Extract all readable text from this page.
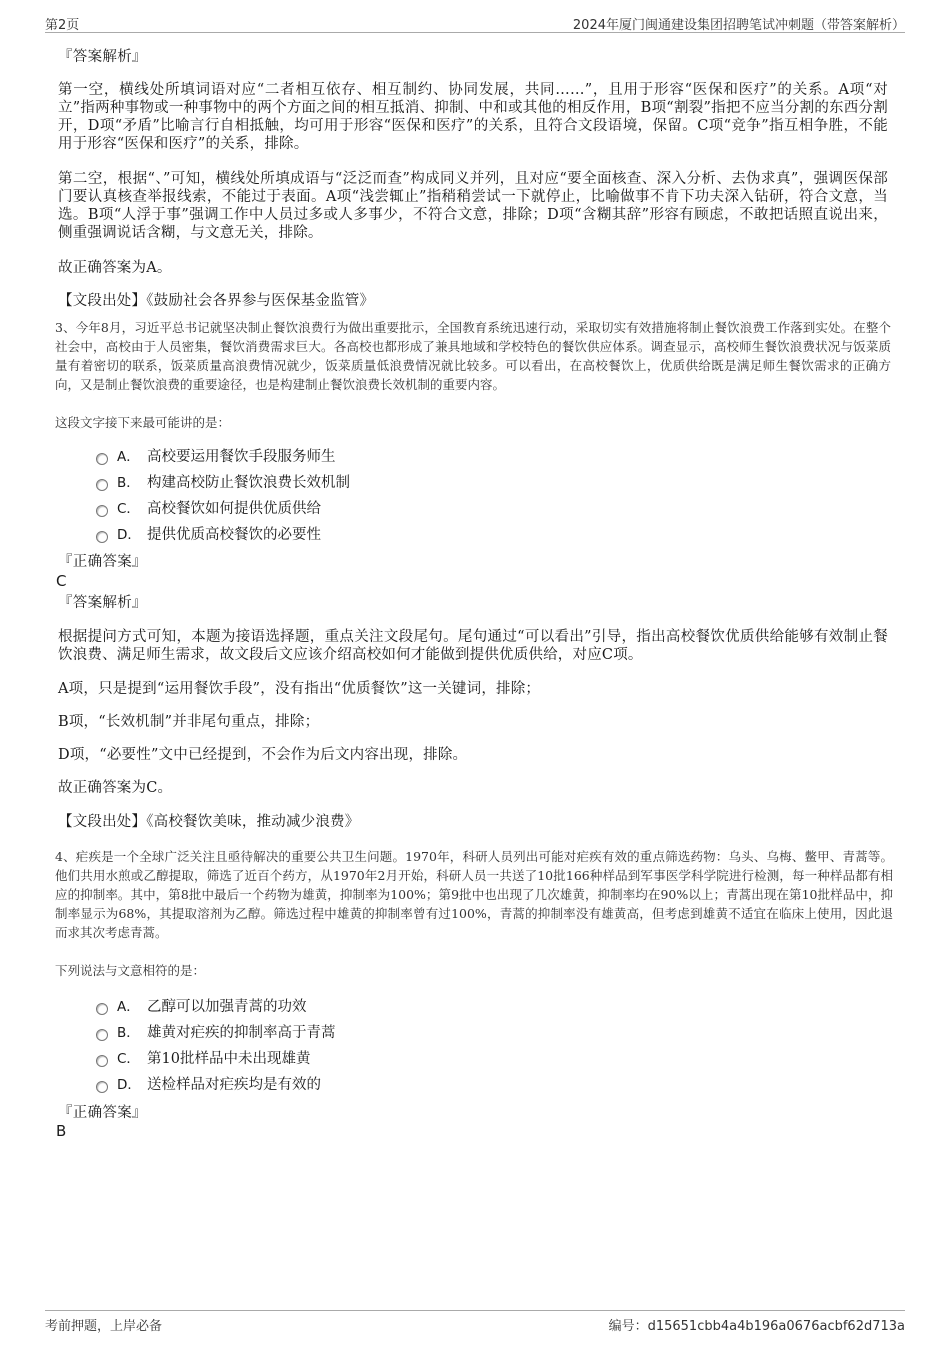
第2页	2024年厦门闽通建设集团招聘笔试冲刺题（带答案解析）
『答案解析』
第一空，横线处所填词语对应“二者相互依存、相互制约、协同发展，共同……”，且用于形容“医保和医疗”的关系。A项“对立”指两种事物或一种事物中的两个方面之间的相互抵消、抑制、中和或其他的相反作用，B项“割裂”指把不应当分割的东西分割开，D项“矛盾”比喻言行自相抵触，均可用于形容“医保和医疗”的关系，且符合文段语境，保留。C项“竞争”指互相争胜，不能用于形容“医保和医疗”的关系，排除。
第二空，根据“、”可知，横线处所填成语与“泛泛而查”构成同义并列，且对应“要全面核查、深入分析、去伪求真”，强调医保部门要认真核查举报线索，不能过于表面。A项“浅尝辄止”指稍稍尝试一下就停止，比喻做事不肯下功夫深入钻研，符合文意，当选。B项“人浮于事”强调工作中人员过多或人多事少，不符合文意，排除；D项“含糊其辞”形容有顾虑，不敢把话照直说出来，侧重强调说话含糊，与文意无关，排除。
故正确答案为A。
【文段出处】《鼓励社会各界参与医保基金监管》
3、今年8月，习近平总书记就坚决制止餐饮浪费行为做出重要批示，全国教育系统迅速行动，采取切实有效措施将制止餐饮浪费工作落到实处。在整个社会中，高校由于人员密集，餐饮消费需求巨大。各高校也都形成了兼具地域和学校特色的餐饮供应体系。调查显示，高校师生餐饮浪费状况与饭菜质量有着密切的联系，饭菜质量高浪费情况就少，饭菜质量低浪费情况就比较多。可以看出，在高校餐饮上，优质供给既是满足师生餐饮需求的正确方向，又是制止餐饮浪费的重要途径，也是构建制止餐饮浪费长效机制的重要内容。
这段文字接下来最可能讲的是：
A． 高校要运用餐饮手段服务师生
B． 构建高校防止餐饮浪费长效机制
C． 高校餐饮如何提供优质供给
D． 提供优质高校餐饮的必要性
『正确答案』
C
『答案解析』
根据提问方式可知，本题为接语选择题，重点关注文段尾句。尾句通过“可以看出”引导，指出高校餐饮优质供给能够有效制止餐饮浪费、满足师生需求，故文段后文应该介绍高校如何才能做到提供优质供给，对应C项。
A项，只是提到“运用餐饮手段”，没有指出“优质餐饮”这一关键词，排除；
B项，“长效机制”并非尾句重点，排除；
D项，“必要性”文中已经提到，不会作为后文内容出现，排除。
故正确答案为C。
【文段出处】《高校餐饮美味，推动减少浪费》
4、疟疾是一个全球广泛关注且亟待解决的重要公共卫生问题。1970年，科研人员列出可能对疟疾有效的重点筛选药物：乌头、乌梅、鳖甲、青蒿等。他们共用水煎或乙醇提取，筛选了近百个药方，从1970年2月开始，科研人员一共送了10批166种样品到军事医学科学院进行检测，每一种样品都有相应的抑制率。其中，第8批中最后一个药物为雄黄，抑制率为100%；第9批中也出现了几次雄黄，抑制率均在90%以上；青蒿出现在第10批样品中，抑制率显示为68%，其提取溶剂为乙醇。筛选过程中雄黄的抑制率曾有过100%，青蒿的抑制率没有雄黄高，但考虑到雄黄不适宜在临床上使用，因此退而求其次考虑青蒿。
下列说法与文意相符的是：
A． 乙醇可以加强青蒿的功效
B． 雄黄对疟疾的抑制率高于青蒿
C． 第10批样品中未出现雄黄
D． 送检样品对疟疾均是有效的
『正确答案』
B
考前押题，上岸必备	编号：d15651cbb4a4b196a0676acbf62d713a
